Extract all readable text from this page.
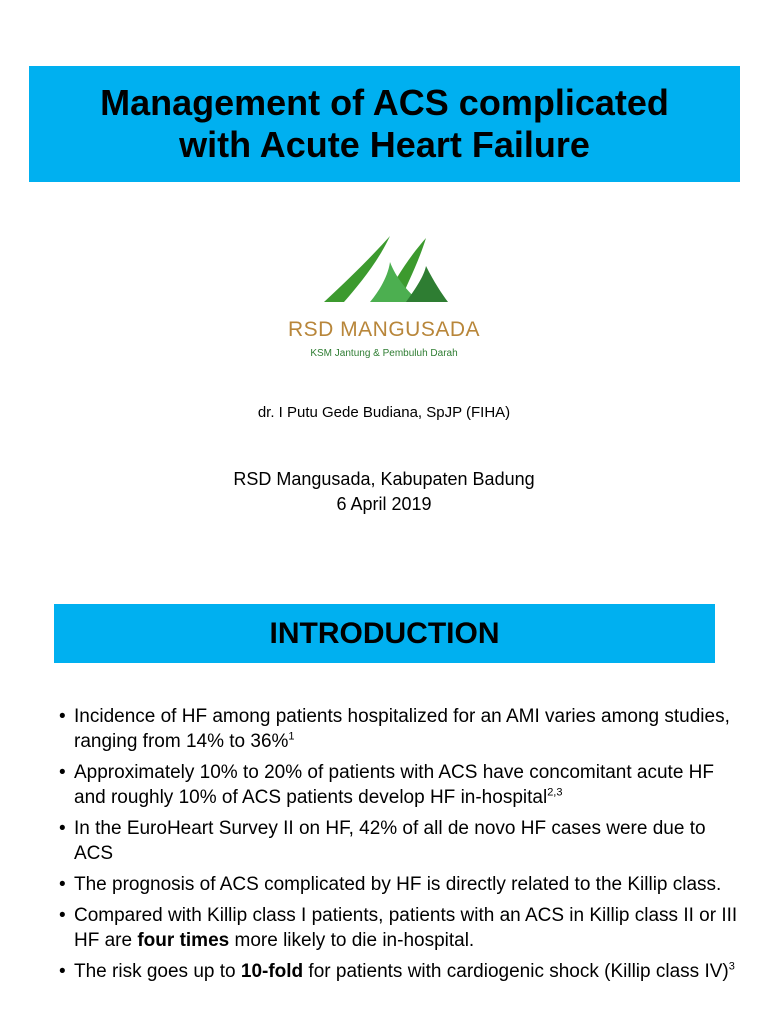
Management of ACS complicated
with Acute Heart Failure
RSD MANGUSADA
KSM Jantung & Pembuluh Darah
dr. I Putu Gede Budiana, SpJP (FIHA)
RSD Mangusada, Kabupaten Badung
6 April 2019
INTRODUCTION
• Incidence of HF among patients hospitalized for an AMI varies among studies, ranging from 14% to 36%$^1$
• Approximately 10% to 20% of patients with ACS have concomitant acute HF and roughly 10% of ACS patients develop HF in-hospital$^{2,3}$
• In the EuroHeart Survey II on HF, 42% of all de novo HF cases were due to ACS
• The prognosis of ACS complicated by HF is directly related to the Killip class.
• Compared with Killip class I patients, patients with an ACS in Killip class II or III HF are four times more likely to die in-hospital.
• The risk goes up to 10-fold for patients with cardiogenic shock (Killip class IV)$^3$
